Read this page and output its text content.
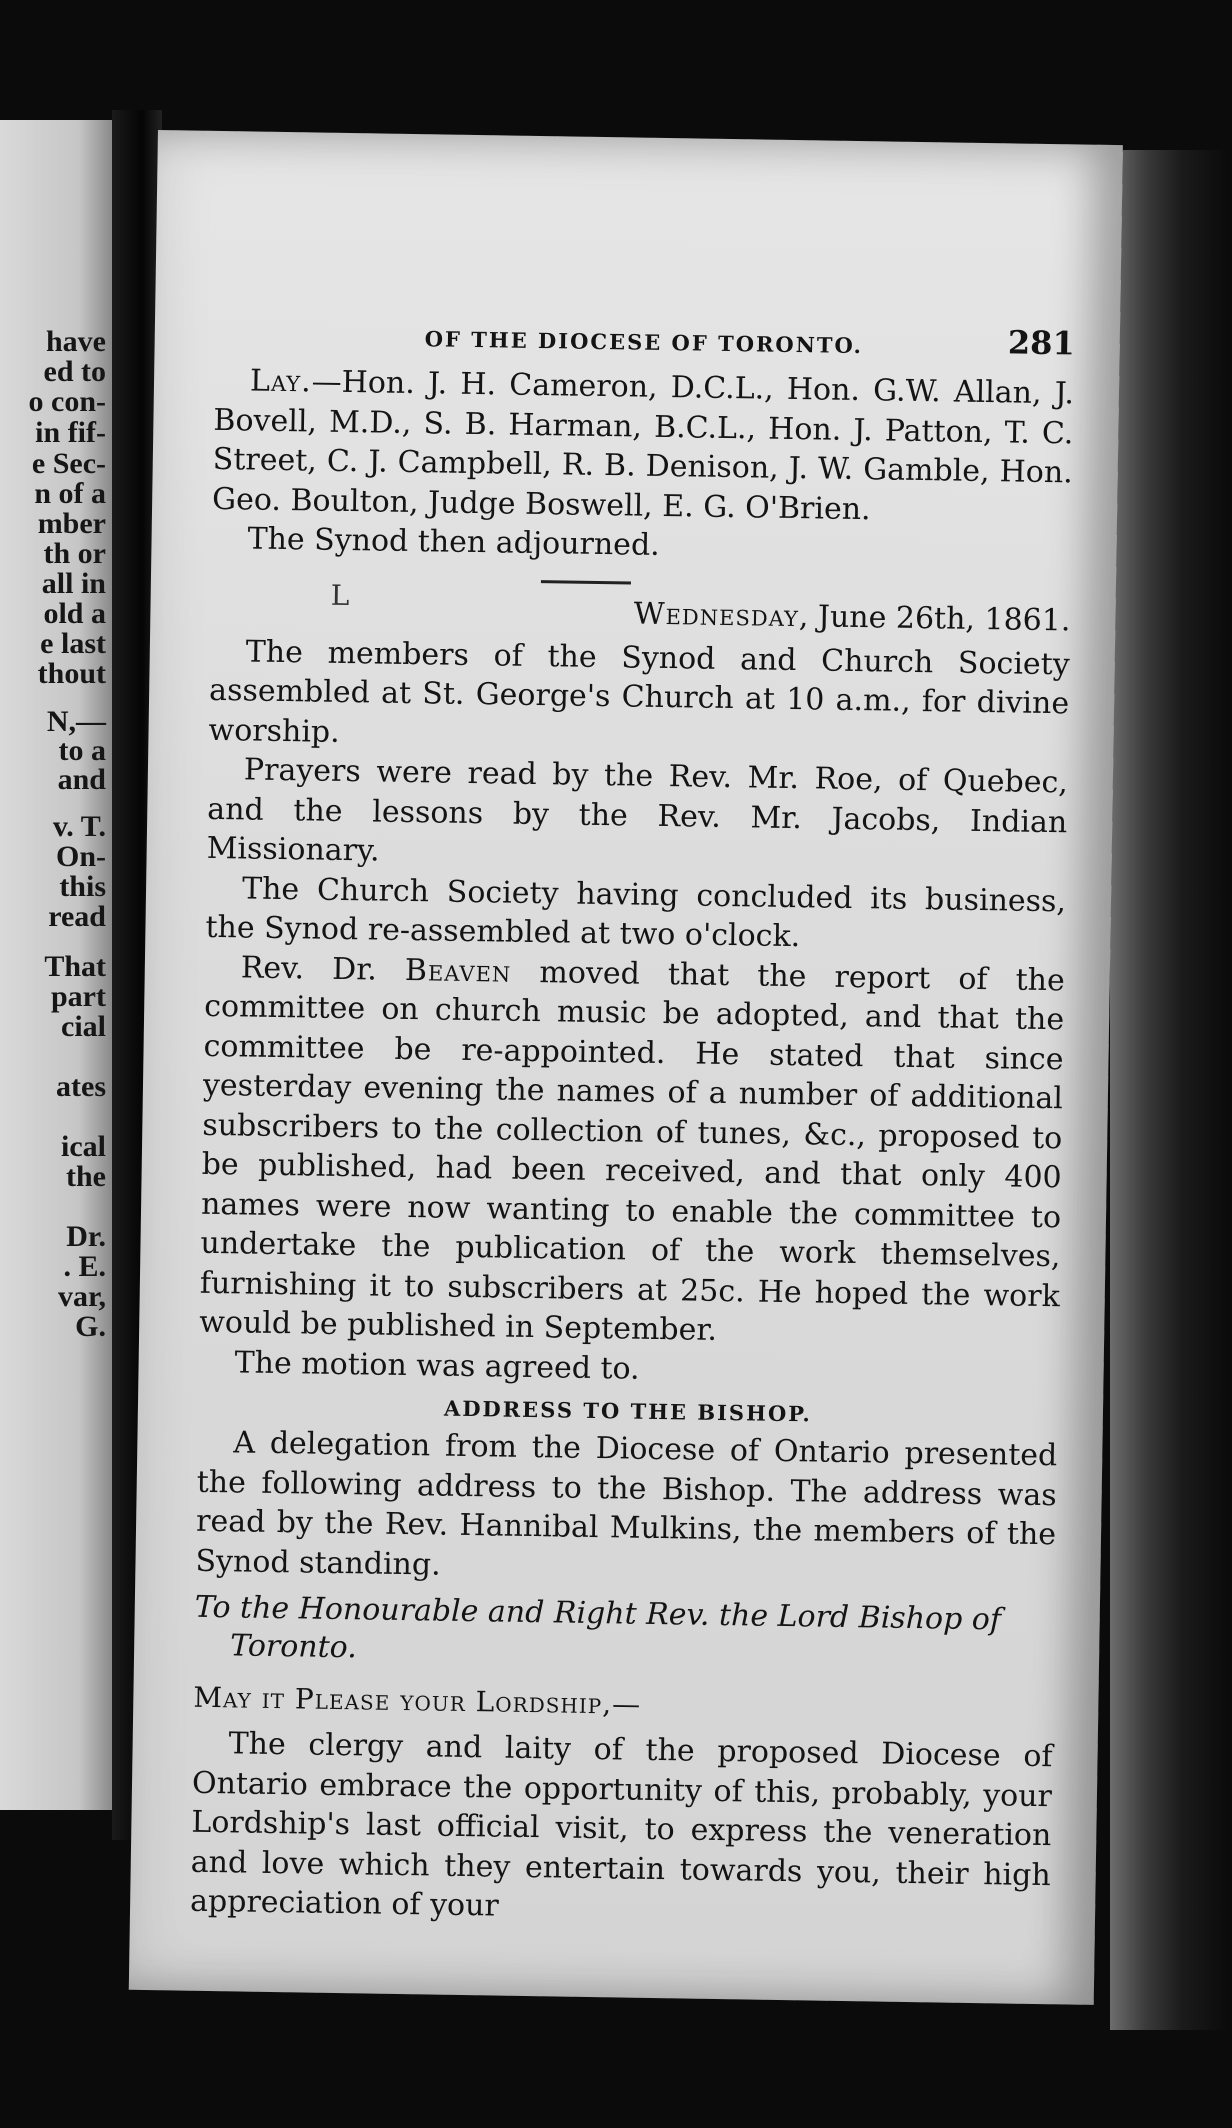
have
ed to
o con-
in fif-
e Sec-
n of a
mber
th or
all in
old a
e last
thout
N,—
to a
and
v. T.
On-
this
read
That
part
cial
ates
ical
the
Dr.
. E.
var,
G.
OF THE DIOCESE OF TORONTO.	281

Lay.—Hon. J. H. Cameron, D.C.L., Hon. G.W. Allan, J. Bovell, M.D., S. B. Harman, B.C.L., Hon. J. Patton, T. C. Street, C. J. Campbell, R. B. Denison, J. W. Gamble, Hon. Geo. Boulton, Judge Boswell, E. G. O'Brien.

The Synod then adjourned.

L
Wednesday, June 26th, 1861.

The members of the Synod and Church Society assembled at St. George's Church at 10 a.m., for divine worship.

Prayers were read by the Rev. Mr. Roe, of Quebec, and the lessons by the Rev. Mr. Jacobs, Indian Missionary.

The Church Society having concluded its business, the Synod re-assembled at two o'clock.

Rev. Dr. Beaven moved that the report of the committee on church music be adopted, and that the committee be re-appointed. He stated that since yesterday evening the names of a number of additional subscribers to the collection of tunes, &c., proposed to be published, had been received, and that only 400 names were now wanting to enable the committee to undertake the publication of the work themselves, furnishing it to subscribers at 25c. He hoped the work would be published in September.

The motion was agreed to.

ADDRESS TO THE BISHOP.

A delegation from the Diocese of Ontario presented the following address to the Bishop. The address was read by the Rev. Hannibal Mulkins, the members of the Synod standing.

To the Honourable and Right Rev. the Lord Bishop of Toronto.
May it Please your Lordship,—

The clergy and laity of the proposed Diocese of Ontario embrace the opportunity of this, probably, your Lordship's last official visit, to express the veneration and love which they entertain towards you, their high appreciation of your
